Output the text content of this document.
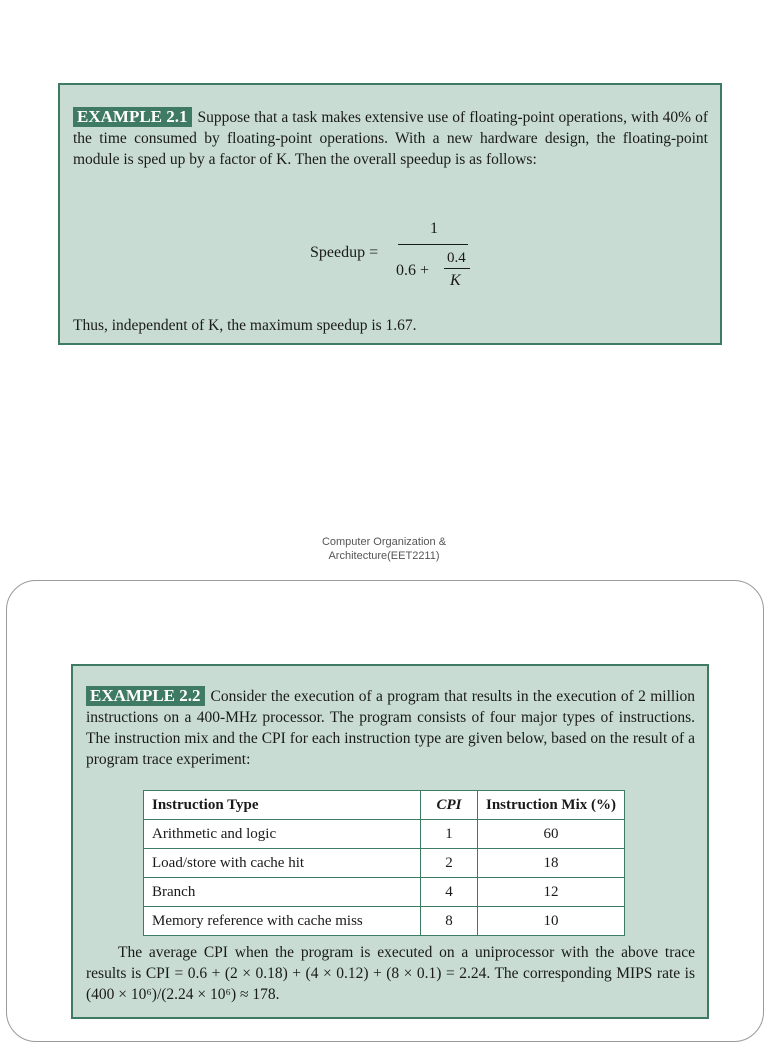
EXAMPLE 2.1 Suppose that a task makes extensive use of floating-point operations, with 40% of the time consumed by floating-point operations. With a new hardware design, the floating-point module is sped up by a factor of K. Then the overall speedup is as follows:

Speedup =
1
0.6 +
0.4
K

Thus, independent of K, the maximum speedup is 1.67.

Computer Organization &
Architecture(EET2211)

EXAMPLE 2.2 Consider the execution of a program that results in the execution of 2 million instructions on a 400-MHz processor. The program consists of four major types of instructions. The instruction mix and the CPI for each instruction type are given below, based on the result of a program trace experiment:

Instruction Type	CPI	Instruction Mix (%)
Arithmetic and logic	1	60
Load/store with cache hit	2	18
Branch	4	12
Memory reference with cache miss	8	10

The average CPI when the program is executed on a uniprocessor with the above trace results is CPI = 0.6 + (2 × 0.18) + (4 × 0.12) + (8 × 0.1) = 2.24. The corresponding MIPS rate is (400 × 10⁶)/(2.24 × 10⁶) ≈ 178.
